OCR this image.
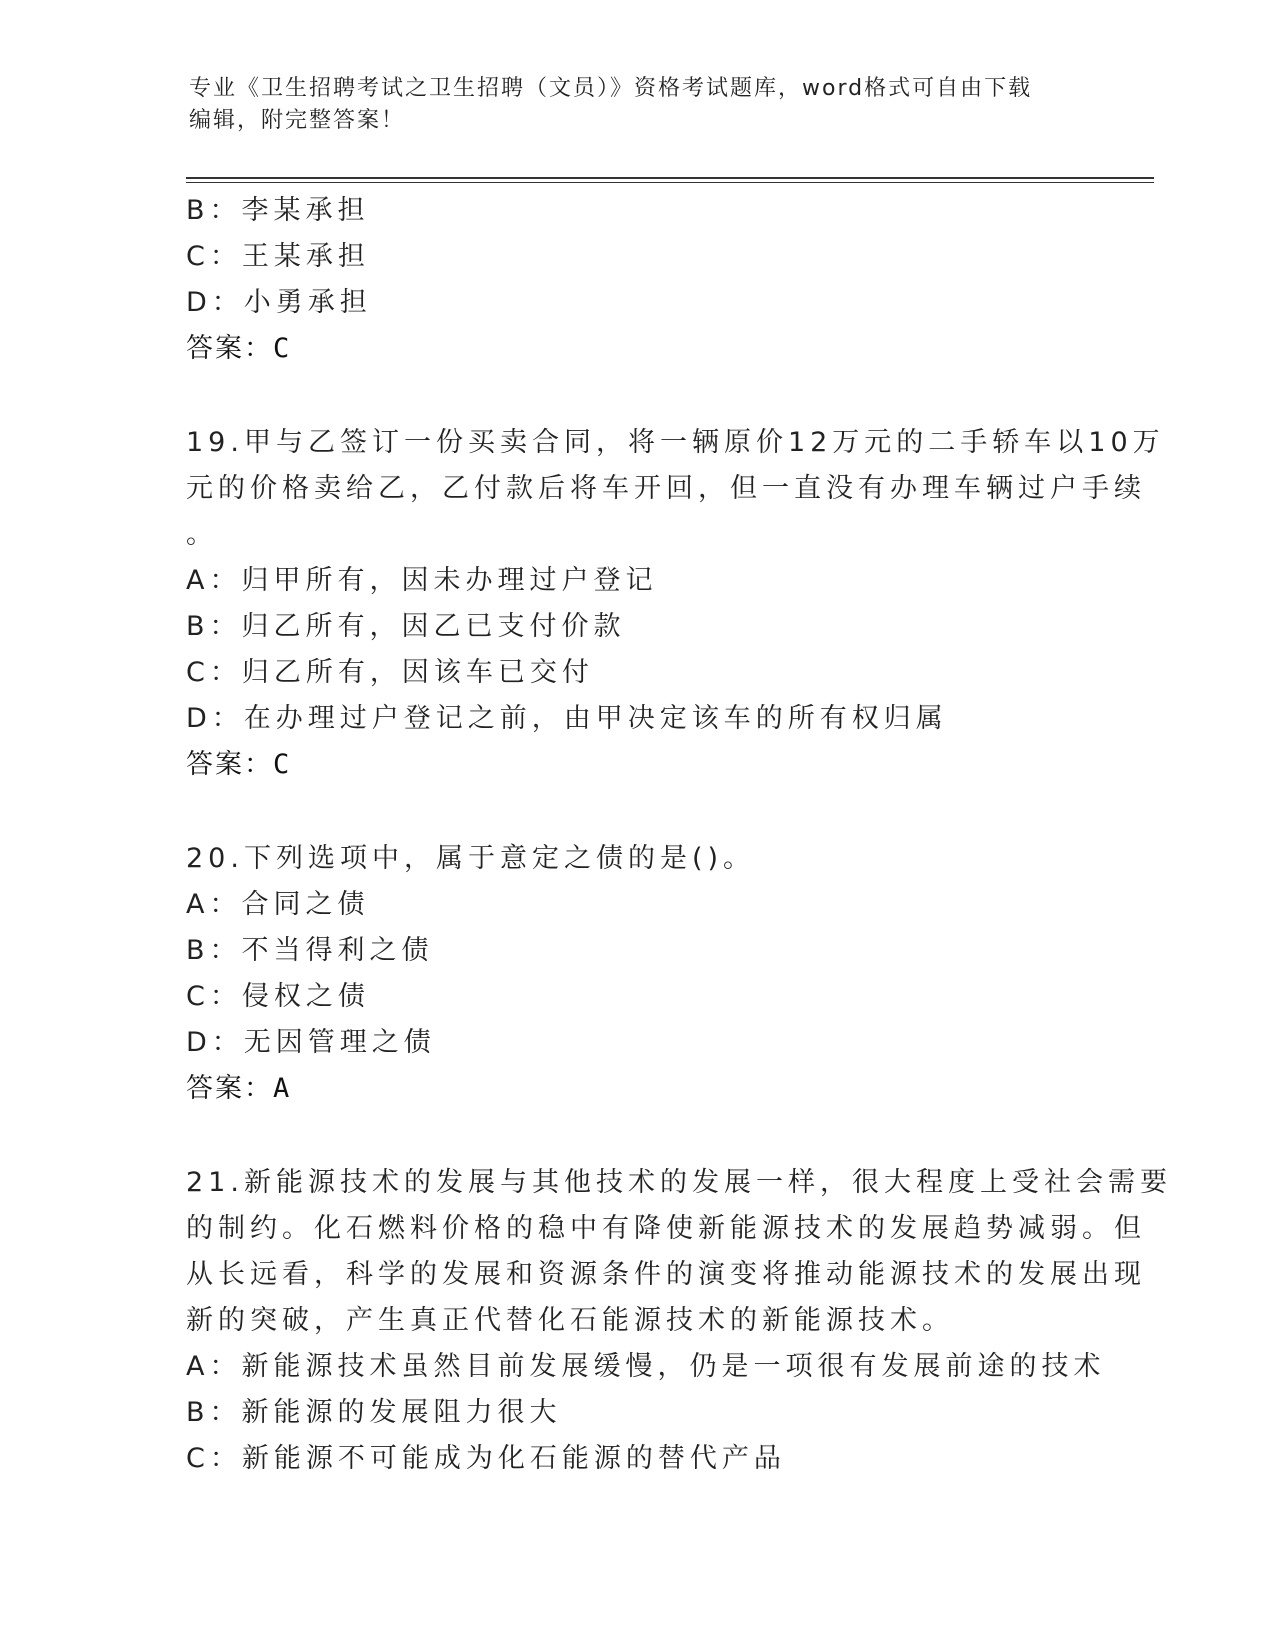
专业《卫生招聘考试之卫生招聘（文员）》资格考试题库，word格式可自由下载
编辑，附完整答案！
B：李某承担
C：王某承担
D：小勇承担
答案：C
19.甲与乙签订一份买卖合同，将一辆原价12万元的二手轿车以10万
元的价格卖给乙，乙付款后将车开回，但一直没有办理车辆过户手续
。
A：归甲所有，因未办理过户登记
B：归乙所有，因乙已支付价款
C：归乙所有，因该车已交付
D：在办理过户登记之前，由甲决定该车的所有权归属
答案：C
20.下列选项中，属于意定之债的是()。
A：合同之债
B：不当得利之债
C：侵权之债
D：无因管理之债
答案：A
21.新能源技术的发展与其他技术的发展一样，很大程度上受社会需要
的制约。化石燃料价格的稳中有降使新能源技术的发展趋势减弱。但
从长远看，科学的发展和资源条件的演变将推动能源技术的发展出现
新的突破，产生真正代替化石能源技术的新能源技术。
A：新能源技术虽然目前发展缓慢，仍是一项很有发展前途的技术
B：新能源的发展阻力很大
C：新能源不可能成为化石能源的替代产品
